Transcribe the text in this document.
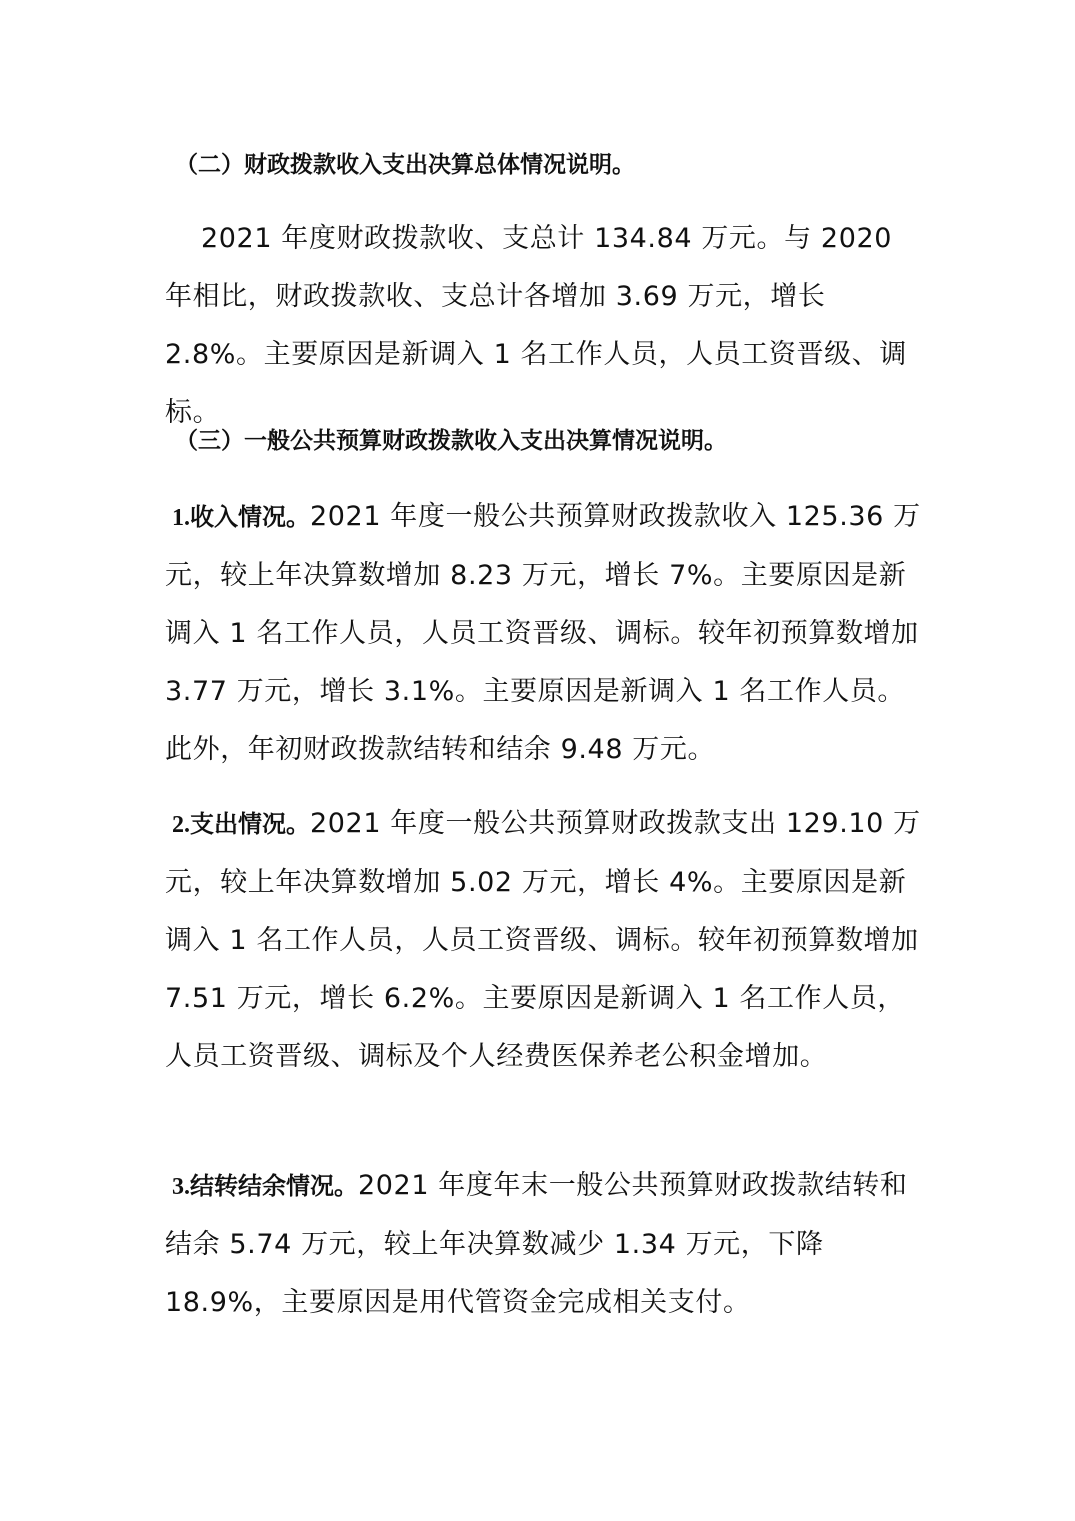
（二）财政拨款收入支出决算总体情况说明。

2021 年度财政拨款收、支总计 134.84 万元。与 2020 年相比，财政拨款收、支总计各增加 3.69 万元，增长 2.8%。主要原因是新调入 1 名工作人员，人员工资晋级、调标。

（三）一般公共预算财政拨款收入支出决算情况说明。

1.收入情况。2021 年度一般公共预算财政拨款收入 125.36 万元，较上年决算数增加 8.23 万元，增长 7%。主要原因是新调入 1 名工作人员，人员工资晋级、调标。较年初预算数增加 3.77 万元，增长 3.1%。主要原因是新调入 1 名工作人员。此外，年初财政拨款结转和结余 9.48 万元。

2.支出情况。2021 年度一般公共预算财政拨款支出 129.10 万元，较上年决算数增加 5.02 万元，增长 4%。主要原因是新调入 1 名工作人员，人员工资晋级、调标。较年初预算数增加 7.51 万元，增长 6.2%。主要原因是新调入 1 名工作人员，人员工资晋级、调标及个人经费医保养老公积金增加。

3.结转结余情况。2021 年度年末一般公共预算财政拨款结转和结余 5.74 万元，较上年决算数减少 1.34 万元，下降 18.9%，主要原因是用代管资金完成相关支付。
